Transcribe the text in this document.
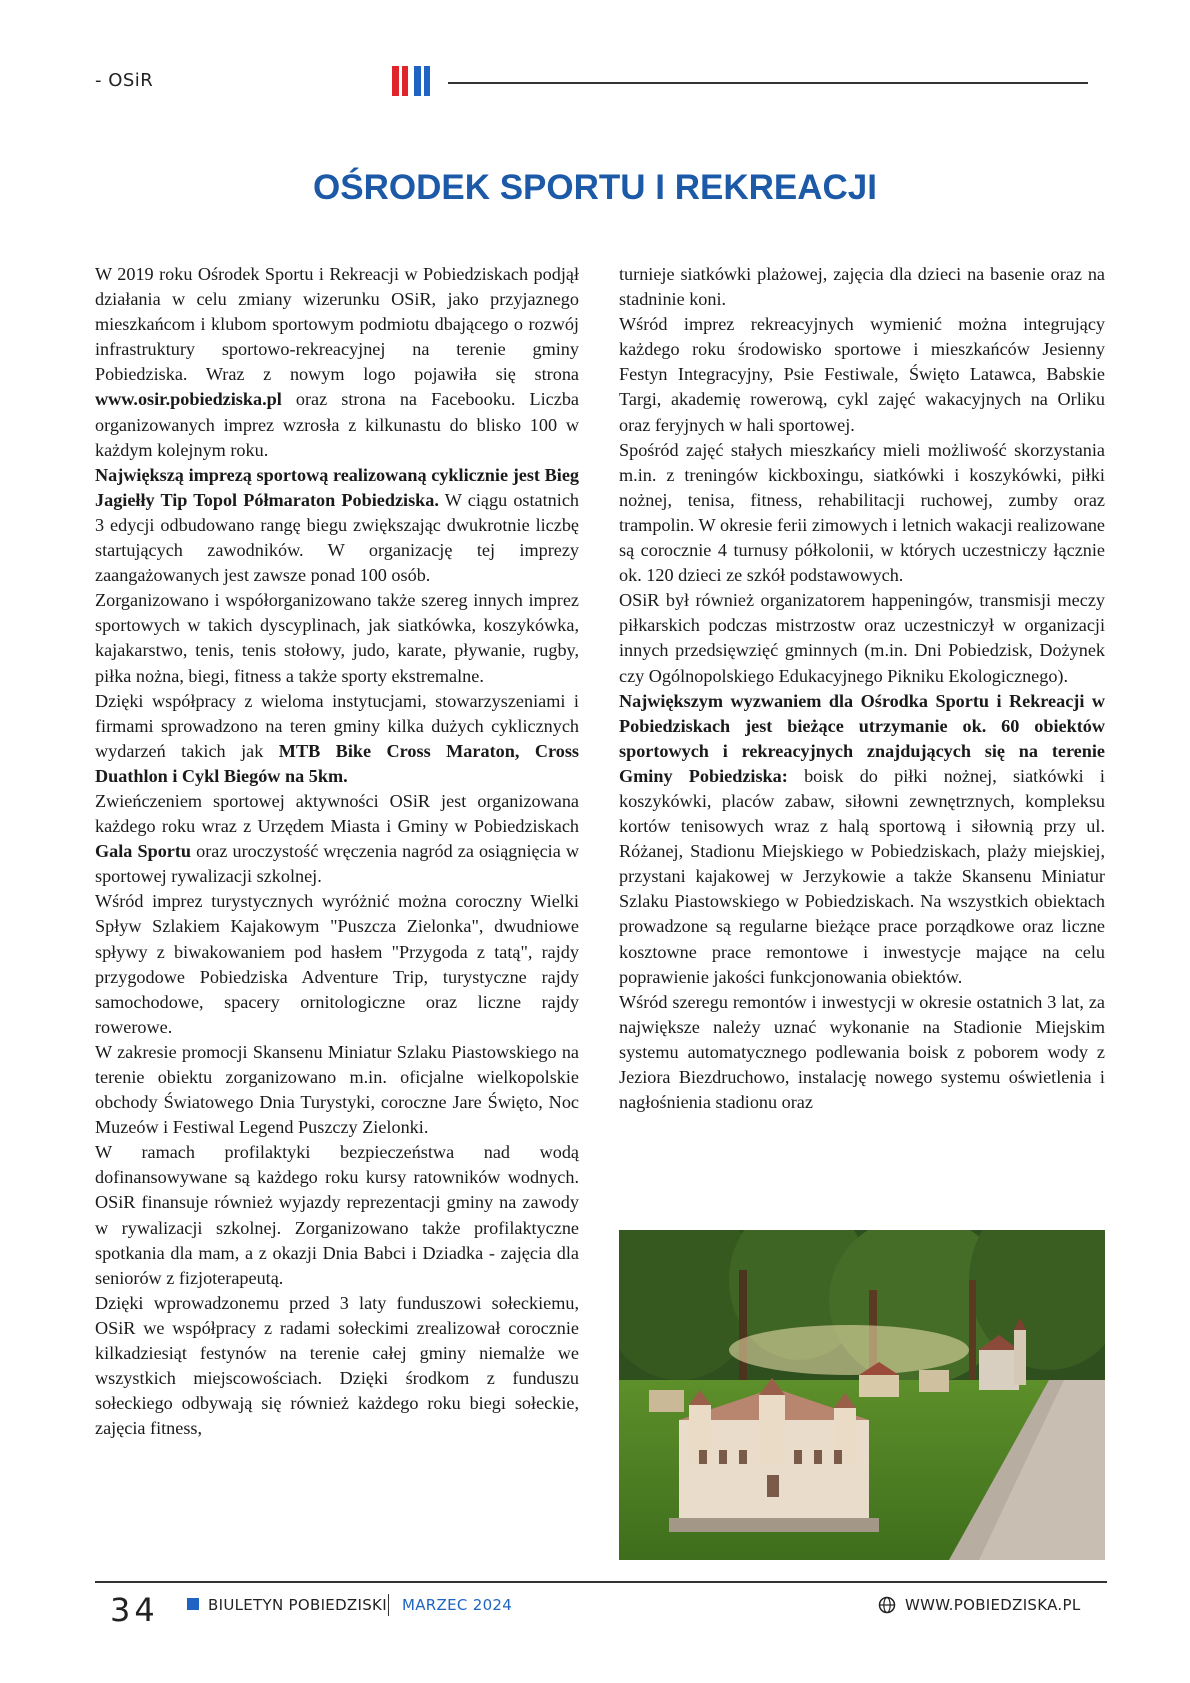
- OSiR
OŚRODEK SPORTU I REKREACJI

W 2019 roku Ośrodek Sportu i Rekreacji w Pobiedziskach podjął działania w celu zmiany wizerunku OSiR, jako przyjaznego mieszkańcom i klubom sportowym podmiotu dbającego o rozwój infrastruktury sportowo-rekreacyjnej na terenie gminy Pobiedziska. Wraz z nowym logo pojawiła się strona www.osir.pobiedziska.pl oraz strona na Facebooku. Liczba organizowanych imprez wzrosła z kilkunastu do blisko 100 w każdym kolejnym roku.

Największą imprezą sportową realizowaną cyklicznie jest Bieg Jagiełły Tip Topol Półmaraton Pobiedziska. W ciągu ostatnich 3 edycji odbudowano rangę biegu zwiększając dwukrotnie liczbę startujących zawodników. W organizację tej imprezy zaangażowanych jest zawsze ponad 100 osób.

Zorganizowano i współorganizowano także szereg innych imprez sportowych w takich dyscyplinach, jak siatkówka, koszykówka, kajakarstwo, tenis, tenis stołowy, judo, karate, pływanie, rugby, piłka nożna, biegi, fitness a także sporty ekstremalne.

Dzięki współpracy z wieloma instytucjami, stowarzyszeniami i firmami sprowadzono na teren gminy kilka dużych cyklicznych wydarzeń takich jak MTB Bike Cross Maraton, Cross Duathlon i Cykl Biegów na 5km.

Zwieńczeniem sportowej aktywności OSiR jest organizowana każdego roku wraz z Urzędem Miasta i Gminy w Pobiedziskach Gala Sportu oraz uroczystość wręczenia nagród za osiągnięcia w sportowej rywalizacji szkolnej.

Wśród imprez turystycznych wyróżnić można coroczny Wielki Spływ Szlakiem Kajakowym "Puszcza Zielonka", dwudniowe spływy z biwakowaniem pod hasłem "Przygoda z tatą", rajdy przygodowe Pobiedziska Adventure Trip, turystyczne rajdy samochodowe, spacery ornitologiczne oraz liczne rajdy rowerowe.

W zakresie promocji Skansenu Miniatur Szlaku Piastowskiego na terenie obiektu zorganizowano m.in. oficjalne wielkopolskie obchody Światowego Dnia Turystyki, coroczne Jare Święto, Noc Muzeów i Festiwal Legend Puszczy Zielonki.

W ramach profilaktyki bezpieczeństwa nad wodą dofinansowywane są każdego roku kursy ratowników wodnych. OSiR finansuje również wyjazdy reprezentacji gminy na zawody w rywalizacji szkolnej. Zorganizowano także profilaktyczne spotkania dla mam, a z okazji Dnia Babci i Dziadka - zajęcia dla seniorów z fizjoterapeutą.

Dzięki wprowadzonemu przed 3 laty funduszowi sołeckiemu, OSiR we współpracy z radami sołeckimi zrealizował corocznie kilkadziesiąt festynów na terenie całej gminy niemalże we wszystkich miejscowościach. Dzięki środkom z funduszu sołeckiego odbywają się również każdego roku biegi sołeckie, zajęcia fitness,

turnieje siatkówki plażowej, zajęcia dla dzieci na basenie oraz na stadninie koni.

Wśród imprez rekreacyjnych wymienić można integrujący każdego roku środowisko sportowe i mieszkańców Jesienny Festyn Integracyjny, Psie Festiwale, Święto Latawca, Babskie Targi, akademię rowerową, cykl zajęć wakacyjnych na Orliku oraz feryjnych w hali sportowej.

Spośród zajęć stałych mieszkańcy mieli możliwość skorzystania m.in. z treningów kickboxingu, siatkówki i koszykówki, piłki nożnej, tenisa, fitness, rehabilitacji ruchowej, zumby oraz trampolin. W okresie ferii zimowych i letnich wakacji realizowane są corocznie 4 turnusy półkolonii, w których uczestniczy łącznie ok. 120 dzieci ze szkół podstawowych.

OSiR był również organizatorem happeningów, transmisji meczy piłkarskich podczas mistrzostw oraz uczestniczył w organizacji innych przedsięwzięć gminnych (m.in. Dni Pobiedzisk, Dożynek czy Ogólnopolskiego Edukacyjnego Pikniku Ekologicznego).

Największym wyzwaniem dla Ośrodka Sportu i Rekreacji w Pobiedziskach jest bieżące utrzymanie ok. 60 obiektów sportowych i rekreacyjnych znajdujących się na terenie Gminy Pobiedziska: boisk do piłki nożnej, siatkówki i koszykówki, placów zabaw, siłowni zewnętrznych, kompleksu kortów tenisowych wraz z halą sportową i siłownią przy ul. Różanej, Stadionu Miejskiego w Pobiedziskach, plaży miejskiej, przystani kajakowej w Jerzykowie a także Skansenu Miniatur Szlaku Piastowskiego w Pobiedziskach. Na wszystkich obiektach prowadzone są regularne bieżące prace porządkowe oraz liczne kosztowne prace remontowe i inwestycje mające na celu poprawienie jakości funkcjonowania obiektów.

Wśród szeregu remontów i inwestycji w okresie ostatnich 3 lat, za największe należy uznać wykonanie na Stadionie Miejskim systemu automatycznego podlewania boisk z poborem wody z Jeziora Biezdruchowo, instalację nowego systemu oświetlenia i nagłośnienia stadionu oraz

34	BIULETYN POBIEDZISKI MARZEC 2024	WWW.POBIEDZISKA.PL
